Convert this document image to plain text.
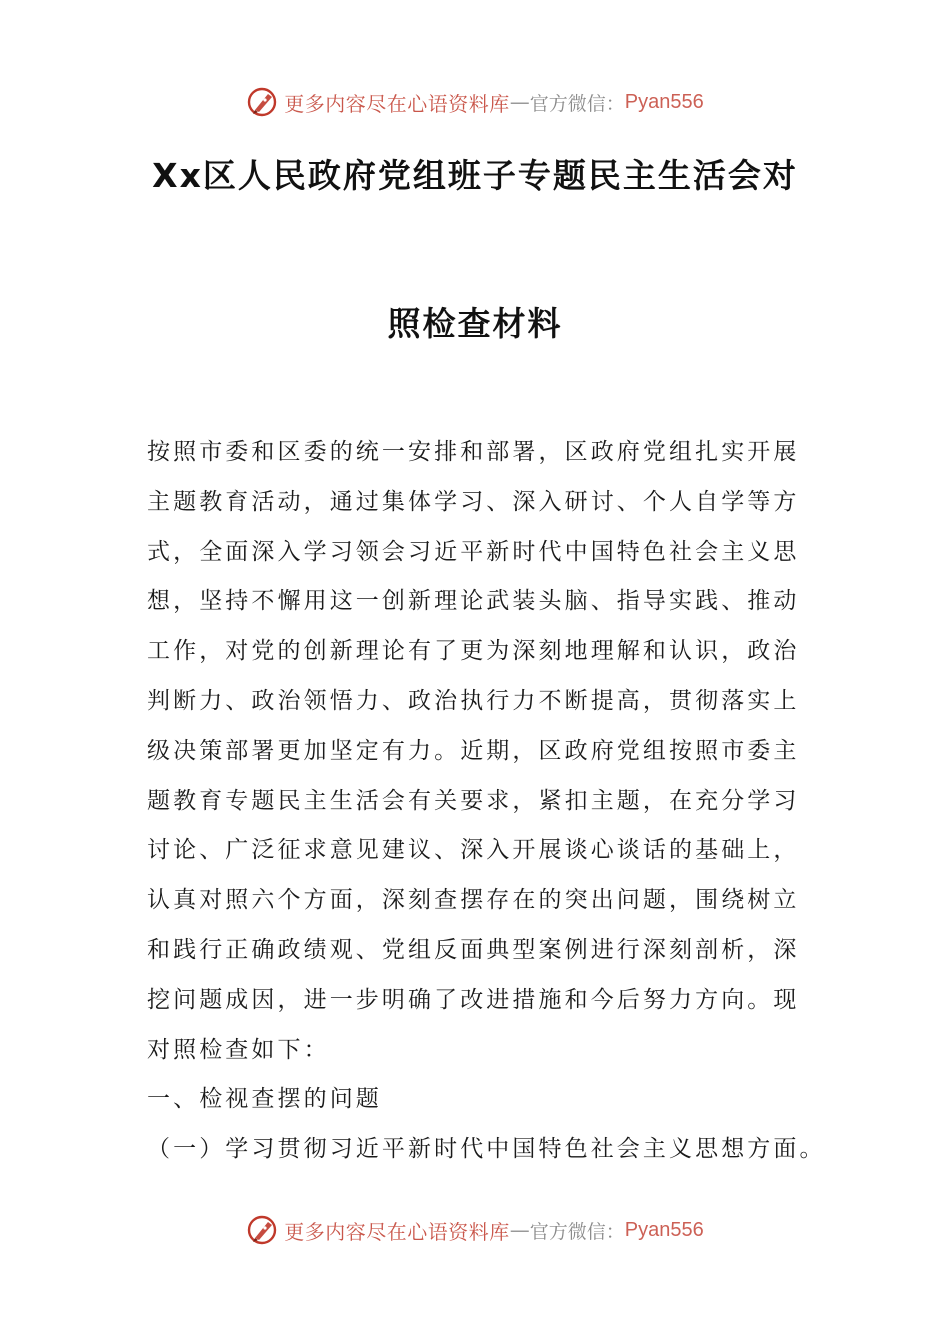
更多内容尽在心语资料库 — 官方微信： Pyan556
Xx区人民政府党组班子专题民主生活会对
照检查材料
按照市委和区委的统一安排和部署，区政府党组扎实开展
主题教育活动，通过集体学习、深入研讨、个人自学等方
式，全面深入学习领会习近平新时代中国特色社会主义思
想，坚持不懈用这一创新理论武装头脑、指导实践、推动
工作，对党的创新理论有了更为深刻地理解和认识，政治
判断力、政治领悟力、政治执行力不断提高，贯彻落实上
级决策部署更加坚定有力。近期，区政府党组按照市委主
题教育专题民主生活会有关要求，紧扣主题，在充分学习
讨论、广泛征求意见建议、深入开展谈心谈话的基础上，
认真对照六个方面，深刻查摆存在的突出问题，围绕树立
和践行正确政绩观、党组反面典型案例进行深刻剖析，深
挖问题成因，进一步明确了改进措施和今后努力方向。现
对照检查如下：
一、检视查摆的问题
（一）学习贯彻习近平新时代中国特色社会主义思想方面。
更多内容尽在心语资料库 — 官方微信： Pyan556
